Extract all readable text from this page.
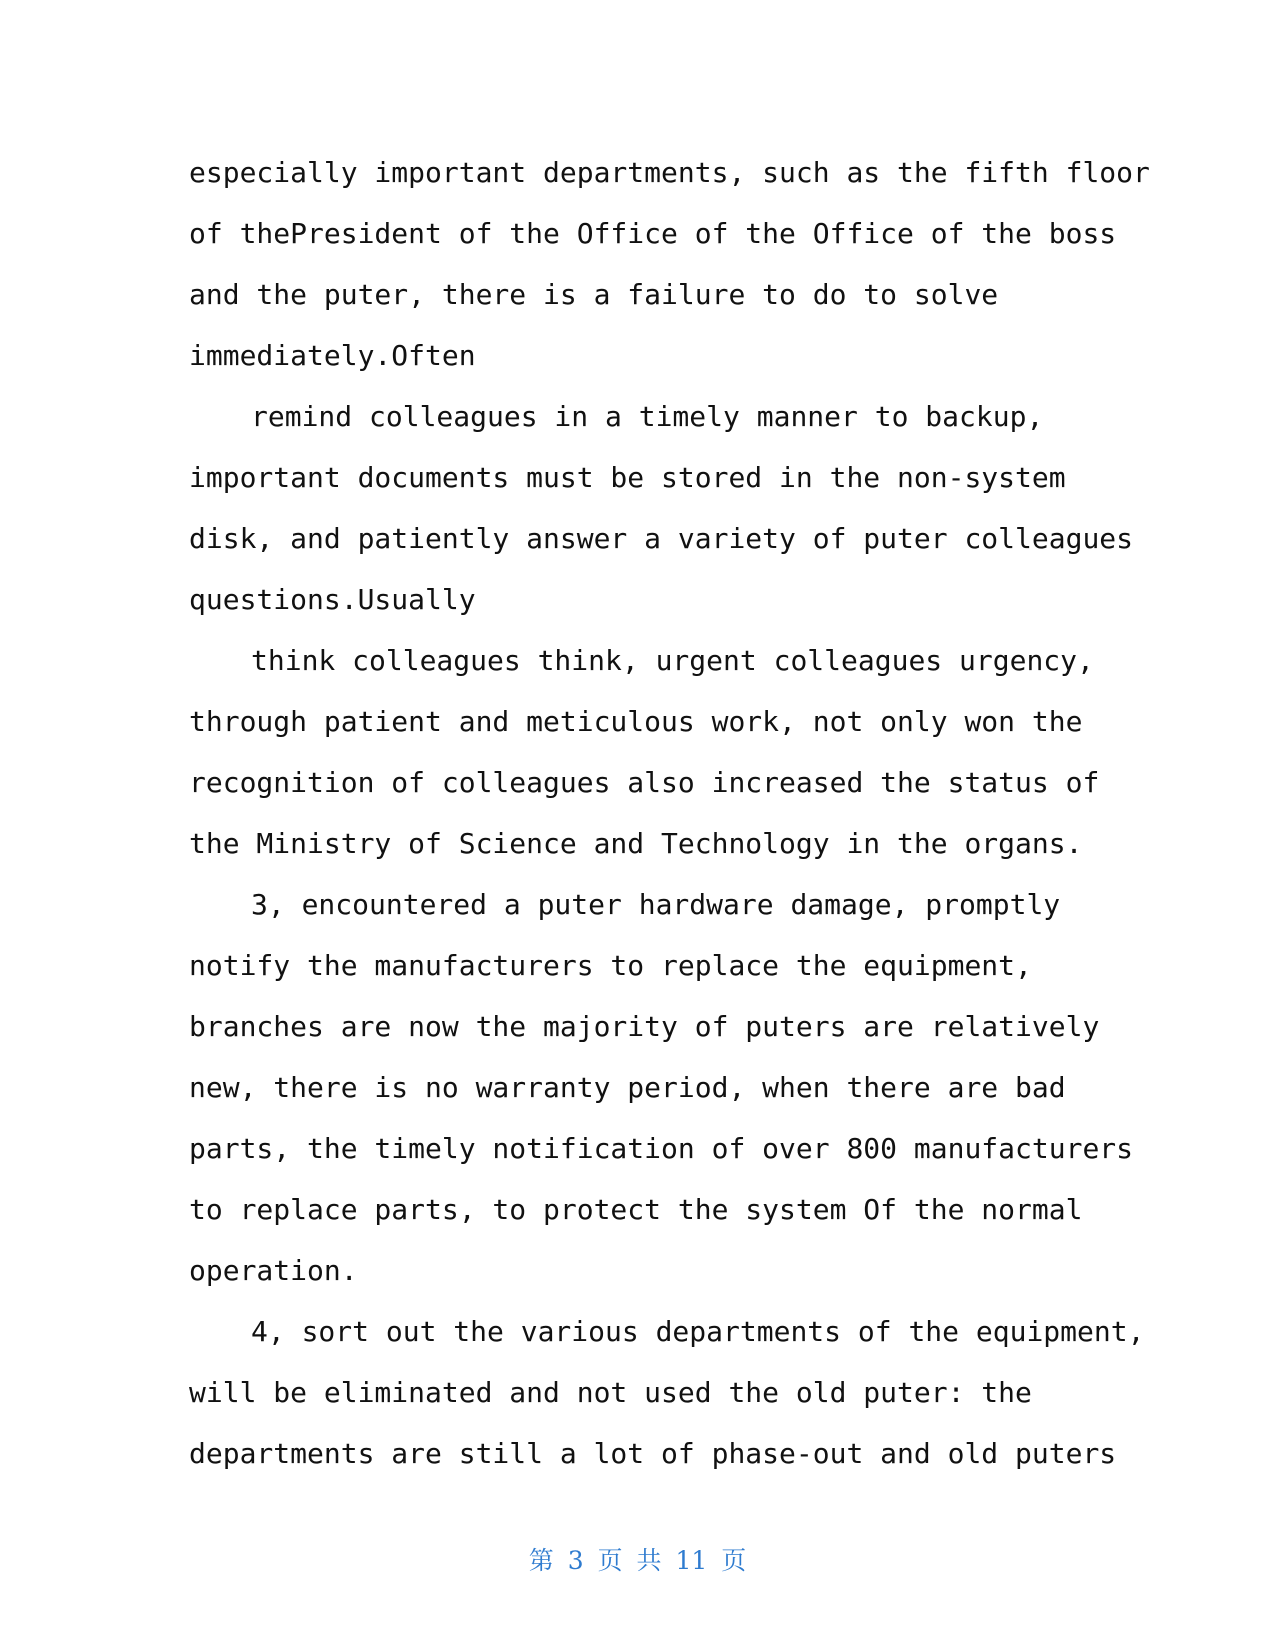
especially important departments, such as the fifth floor
of thePresident of the Office of the Office of the boss
and the puter, there is a failure to do to solve
immediately.Often
remind colleagues in a timely manner to backup,
important documents must be stored in the non-system
disk, and patiently answer a variety of puter colleagues
questions.Usually
think colleagues think, urgent colleagues urgency,
through patient and meticulous work, not only won the
recognition of colleagues also increased the status of
the Ministry of Science and Technology in the organs.
3, encountered a puter hardware damage, promptly
notify the manufacturers to replace the equipment,
branches are now the majority of puters are relatively
new, there is no warranty period, when there are bad
parts, the timely notification of over 800 manufacturers
to replace parts, to protect the system Of the normal
operation.
4, sort out the various departments of the equipment,
will be eliminated and not used the old puter: the
departments are still a lot of phase-out and old puters
第 3 页 共 11 页
